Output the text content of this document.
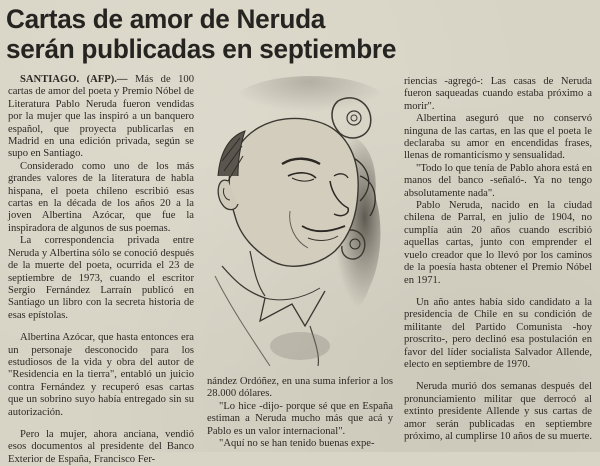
Cartas de amor de Neruda
serán publicadas en septiembre

SANTIAGO. (AFP).— Más de 100 cartas de amor del poeta y Premio Nóbel de Literatura Pablo Neruda fueron vendidas por la mujer que las inspiró a un banquero español, que proyecta publicarlas en Madrid en una edición privada, según se supo en Santiago.

Considerado como uno de los más grandes valores de la literatura de habla hispana, el poeta chileno escribió esas cartas en la década de los años 20 a la joven Albertina Azócar, que fue la inspiradora de algunos de sus poemas.

La correspondencia privada entre Neruda y Albertina sólo se conoció después de la muerte del poeta, ocurrida el 23 de septiembre de 1973, cuando el escritor Sergio Fernández Larraín publicó en Santiago un libro con la secreta historia de esas epístolas.

Albertina Azócar, que hasta entonces era un personaje desconocido para los estudiosos de la vida y obra del autor de "Residencia en la tierra", entabló un juicio contra Fernández y recuperó esas cartas que un sobrino suyo había entregado sin su autorización.

Pero la mujer, ahora anciana, vendió esos documentos al presidente del Banco Exterior de España, Francisco Fer-

nández Ordóñez, en una suma inferior a los 28.000 dólares.

"Lo hice -dijo- porque sé que en España estiman a Neruda mucho más que acá y Pablo es un valor internacional".

"Aquí no se han tenido buenas expe-

riencias -agregó-: Las casas de Neruda fueron saqueadas cuando estaba próximo a morir".

Albertina aseguró que no conservó ninguna de las cartas, en las que el poeta le declaraba su amor en encendidas frases, llenas de romanticismo y sensualidad.

"Todo lo que tenía de Pablo ahora está en manos del banco -señaló-. Ya no tengo absolutamente nada".

Pablo Neruda, nacido en la ciudad chilena de Parral, en julio de 1904, no cumplía aún 20 años cuando escribió aquellas cartas, junto con emprender el vuelo creador que lo llevó por los caminos de la poesía hasta obtener el Premio Nóbel en 1971.

Un año antes había sido candidato a la presidencia de Chile en su condición de militante del Partido Comunista -hoy proscrito-, pero declinó esa postulación en favor del líder socialista Salvador Allende, electo en septiembre de 1970.

Neruda murió dos semanas después del pronunciamiento militar que derrocó al extinto presidente Allende y sus cartas de amor serán publicadas en septiembre próximo, al cumplirse 10 años de su muerte.
